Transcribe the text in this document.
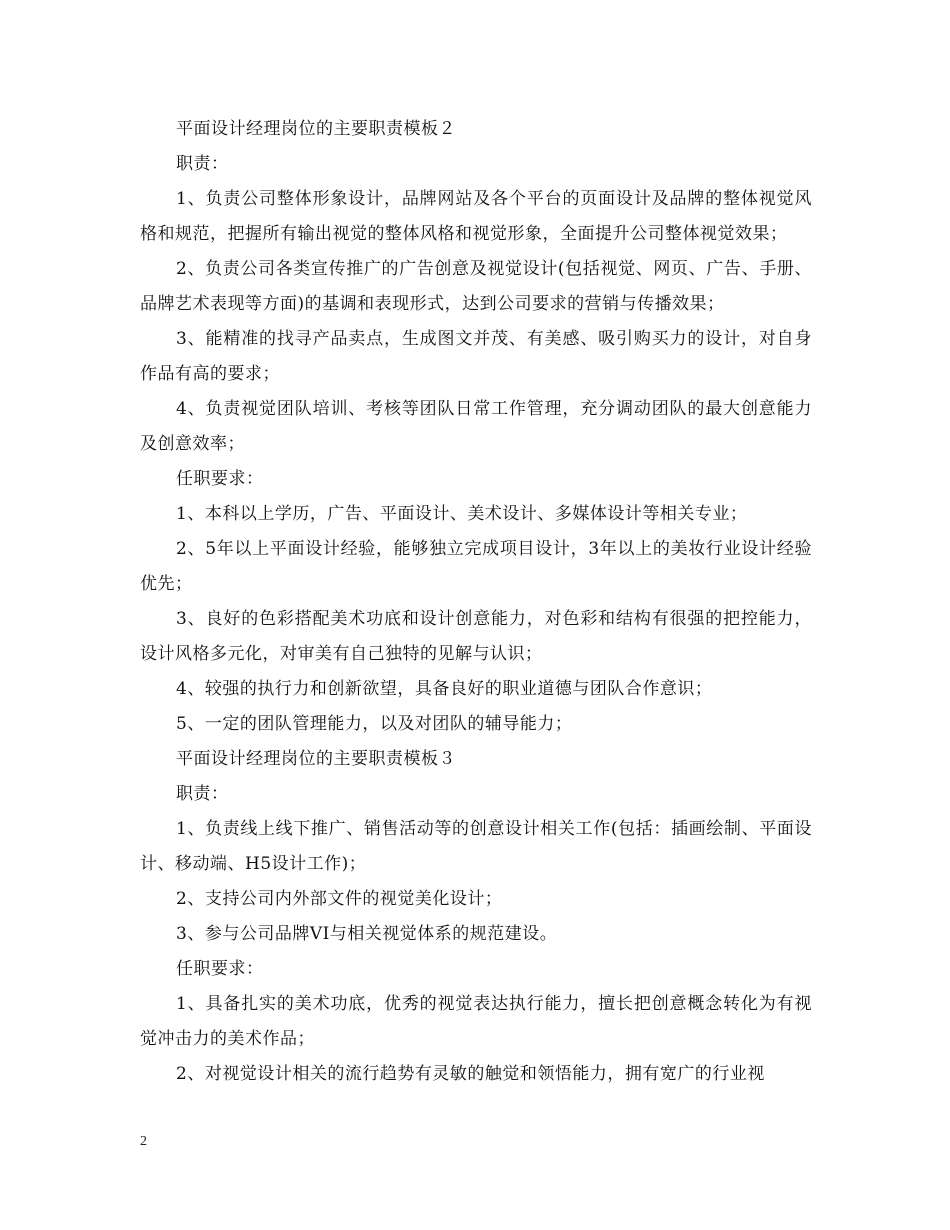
平面设计经理岗位的主要职责模板２

职责：

1、负责公司整体形象设计，品牌网站及各个平台的页面设计及品牌的整体视觉风格和规范，把握所有输出视觉的整体风格和视觉形象，全面提升公司整体视觉效果；

2、负责公司各类宣传推广的广告创意及视觉设计(包括视觉、网页、广告、手册、品牌艺术表现等方面)的基调和表现形式，达到公司要求的营销与传播效果；

3、能精准的找寻产品卖点，生成图文并茂、有美感、吸引购买力的设计，对自身作品有高的要求；

4、负责视觉团队培训、考核等团队日常工作管理，充分调动团队的最大创意能力及创意效率；

任职要求：

1、本科以上学历，广告、平面设计、美术设计、多媒体设计等相关专业；

2、5年以上平面设计经验，能够独立完成项目设计，3年以上的美妆行业设计经验优先；

3、良好的色彩搭配美术功底和设计创意能力，对色彩和结构有很强的把控能力，设计风格多元化，对审美有自己独特的见解与认识；

4、较强的执行力和创新欲望，具备良好的职业道德与团队合作意识；

5、一定的团队管理能力，以及对团队的辅导能力；

平面设计经理岗位的主要职责模板３

职责：

1、负责线上线下推广、销售活动等的创意设计相关工作(包括：插画绘制、平面设计、移动端、H5设计工作)；

2、支持公司内外部文件的视觉美化设计；

3、参与公司品牌VI与相关视觉体系的规范建设。

任职要求：

1、具备扎实的美术功底，优秀的视觉表达执行能力，擅长把创意概念转化为有视觉冲击力的美术作品；

2、对视觉设计相关的流行趋势有灵敏的触觉和领悟能力，拥有宽广的行业视

2
